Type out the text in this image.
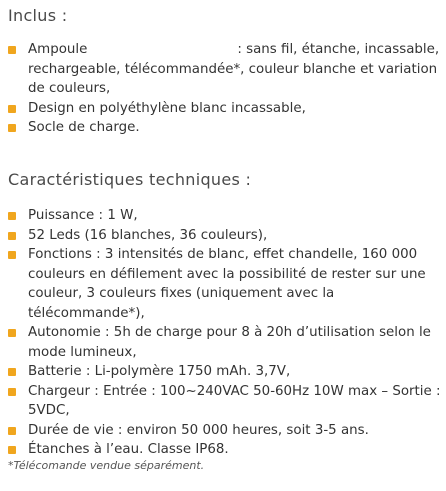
Inclus :
Ampoule	: sans fil, étanche, incassable, rechargeable, télécommandée*, couleur blanche et variation de couleurs,
Design en polyéthylène blanc incassable,
Socle de charge.
Caractéristiques techniques :
Puissance : 1 W,
52 Leds (16 blanches, 36 couleurs),
Fonctions : 3 intensités de blanc, effet chandelle, 160 000 couleurs en défilement avec la possibilité de rester sur une couleur, 3 couleurs fixes (uniquement avec la télécommande*),
Autonomie : 5h de charge pour 8 à 20h d’utilisation selon le mode lumineux,
Batterie : Li-polymère 1750 mAh. 3,7V,
Chargeur : Entrée : 100~240VAC 50-60Hz 10W max – Sortie : 5VDC,
Durée de vie : environ 50 000 heures, soit 3-5 ans.
Étanches à l’eau. Classe IP68.

*Télécomande vendue séparément.
